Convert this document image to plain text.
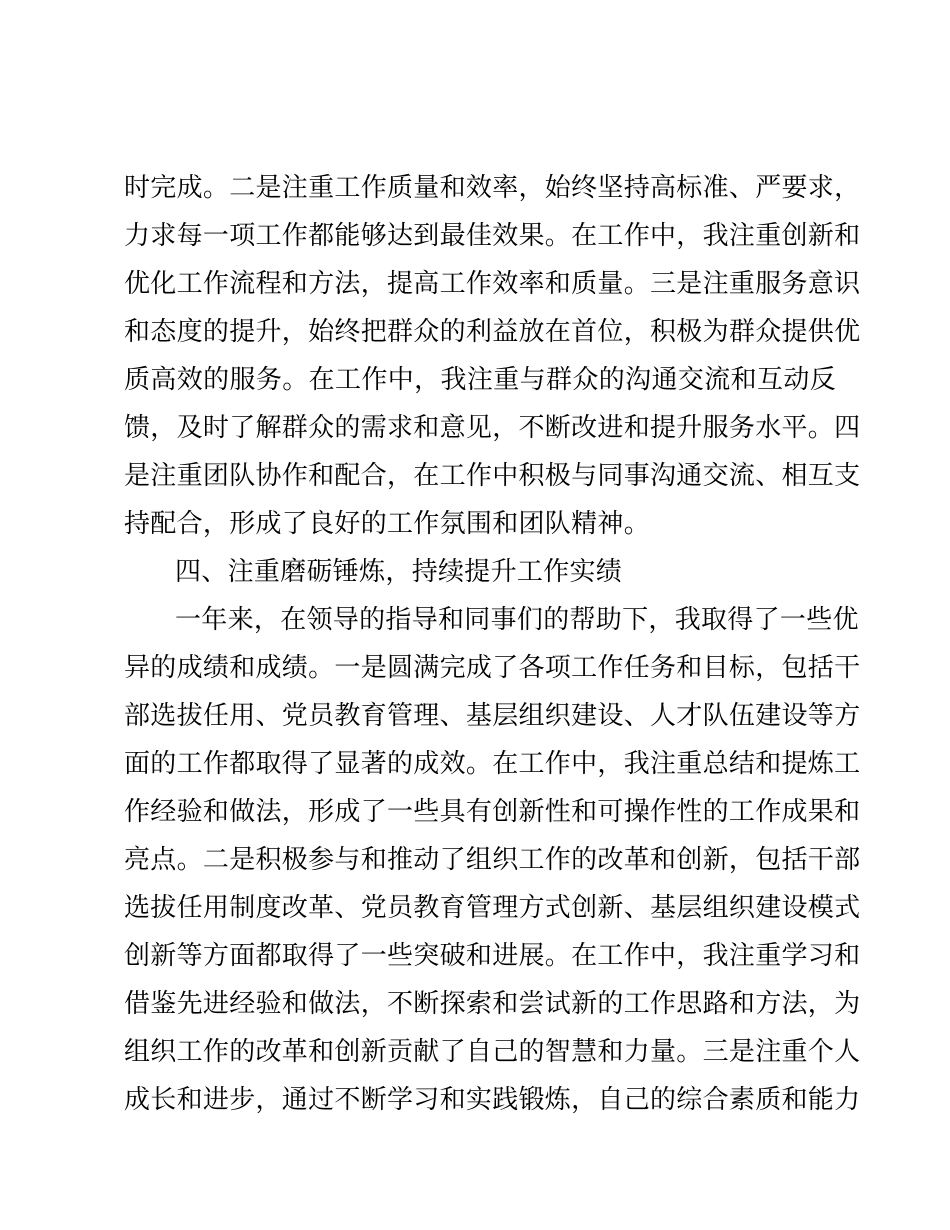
时完成。二是注重工作质量和效率，始终坚持高标准、严要求，
力求每一项工作都能够达到最佳效果。在工作中，我注重创新和
优化工作流程和方法，提高工作效率和质量。三是注重服务意识
和态度的提升，始终把群众的利益放在首位，积极为群众提供优
质高效的服务。在工作中，我注重与群众的沟通交流和互动反
馈，及时了解群众的需求和意见，不断改进和提升服务水平。四
是注重团队协作和配合，在工作中积极与同事沟通交流、相互支
持配合，形成了良好的工作氛围和团队精神。
四、注重磨砺锤炼，持续提升工作实绩
一年来，在领导的指导和同事们的帮助下，我取得了一些优
异的成绩和成绩。一是圆满完成了各项工作任务和目标，包括干
部选拔任用、党员教育管理、基层组织建设、人才队伍建设等方
面的工作都取得了显著的成效。在工作中，我注重总结和提炼工
作经验和做法，形成了一些具有创新性和可操作性的工作成果和
亮点。二是积极参与和推动了组织工作的改革和创新，包括干部
选拔任用制度改革、党员教育管理方式创新、基层组织建设模式
创新等方面都取得了一些突破和进展。在工作中，我注重学习和
借鉴先进经验和做法，不断探索和尝试新的工作思路和方法，为
组织工作的改革和创新贡献了自己的智慧和力量。三是注重个人
成长和进步，通过不断学习和实践锻炼，自己的综合素质和能力
